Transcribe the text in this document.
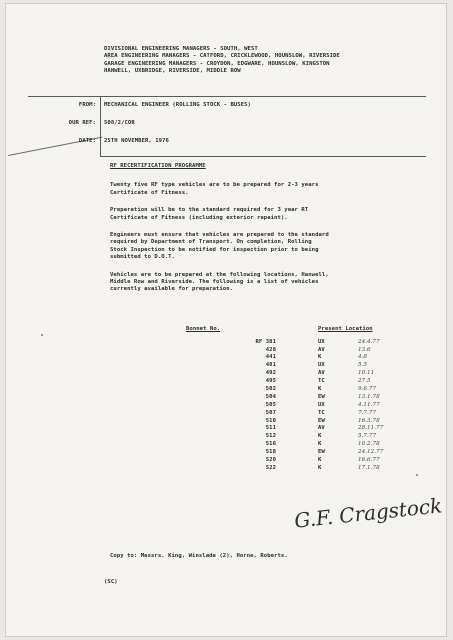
DIVISIONAL ENGINEERING MANAGERS - SOUTH, WEST
AREA ENGINEERING MANAGERS - CATFORD, CRICKLEWOOD, HOUNSLOW, RIVERSIDE
GARAGE ENGINEERING MANAGERS - CROYDON, EDGWARE, HOUNSLOW, KINGSTON
HANWELL, UXBRIDGE, RIVERSIDE, MIDDLE ROW
FROM: MECHANICAL ENGINEER (ROLLING STOCK - BUSES)
OUR REF: 508/2/COR
DATE: 25TH NOVEMBER, 1976

RF RECERTIFICATION PROGRAMME

Twenty five RF type vehicles are to be prepared for 2-3 years
Certificate of Fitness.

Preparation will be to the standard required for 3 year RT
Certificate of Fitness (including exterior repaint).

Engineers must ensure that vehicles are prepared to the standard
required by Department of Transport. On completion, Rolling
Stock Inspection to be notified for inspection prior to being
submitted to D.O.T.

Vehicles are to be prepared at the following locations, Hanwell,
Middle Row and Riverside. The following is a list of vehicles
currently available for preparation.

Bonnet No.		Present Location	
RF 381		UX	24.4.77
428		AV	13.6
441		K	4.8
481		UX	5.5
492		AV	10.11
495		TC	27.5
502		K	9.6.77
504		EW	13.1.78
505		UX	4.11.77
507		TC	7.7.77
510		EW	16.3.78
511		AV	28.11.77
512		K	5.7.77
516		K	10.2.78
518		EW	24.12.77
520		K	16.6.77
522		K	17.1.78
G.F. Cragstock
Copy to: Messrs. King, Winslade (2), Horne, Roberts.
(SC)
